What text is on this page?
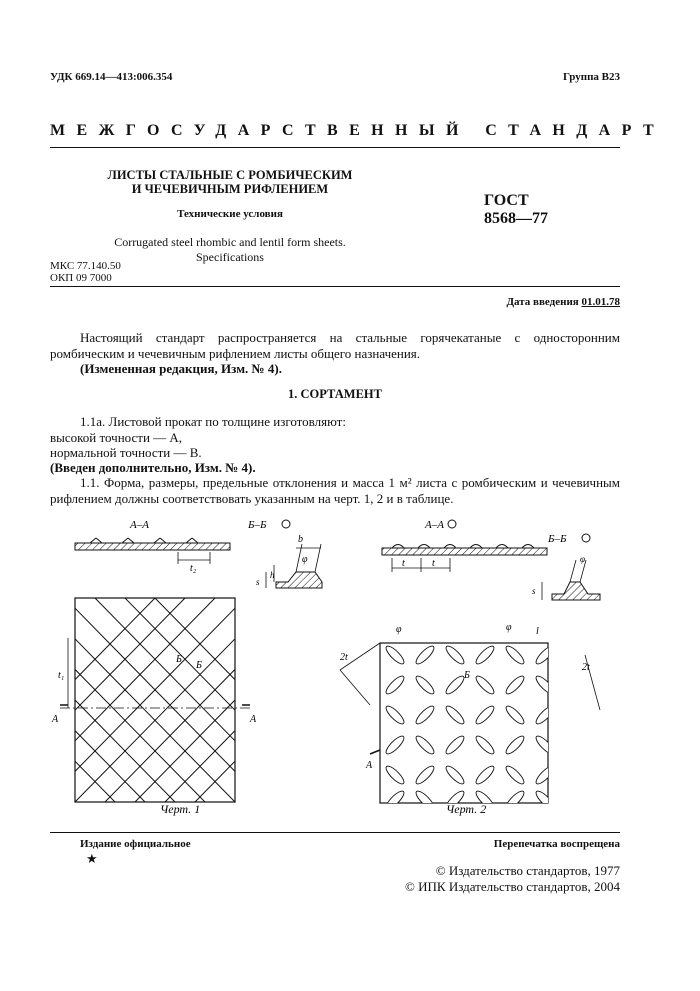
УДК 669.14—413:006.354	Группа В23
МЕЖГОСУДАРСТВЕННЫЙ СТАНДАРТ
ЛИСТЫ СТАЛЬНЫЕ С РОМБИЧЕСКИМ
И ЧЕЧЕВИЧНЫМ РИФЛЕНИЕМ
Технические условия
Corrugated steel rhombic and lentil form sheets.
Specifications
ГОСТ
8568—77
МКС 77.140.50
ОКП 09 7000
Дата введения 01.01.78
Настоящий стандарт распространяется на стальные горячекатаные с односторонним ромбическим и чечевичным рифлением листы общего назначения.
(Измененная редакция, Изм. № 4).
1. СОРТАМЕНТ
1.1а. Листовой прокат по толщине изготовляют:
высокой точности — А,
нормальной точности — В.
(Введен дополнительно, Изм. № 4).
1.1. Форма, размеры, предельные отклонения и масса 1 м² листа с ромбическим и чечевичным рифлением должны соответствовать указанным на черт. 1, 2 и в таблице.
А–А
t₂
Б–Б
b
φ
s
h
А	А
t₁
Б
Б
Черт. 1
А–А
t	t
Б–Б
φ
s
2t
2t
l
φ	φ
А
Б
Черт. 2
Издание официальное	Перепечатка воспрещена
★
© Издательство стандартов, 1977
© ИПК Издательство стандартов, 2004
